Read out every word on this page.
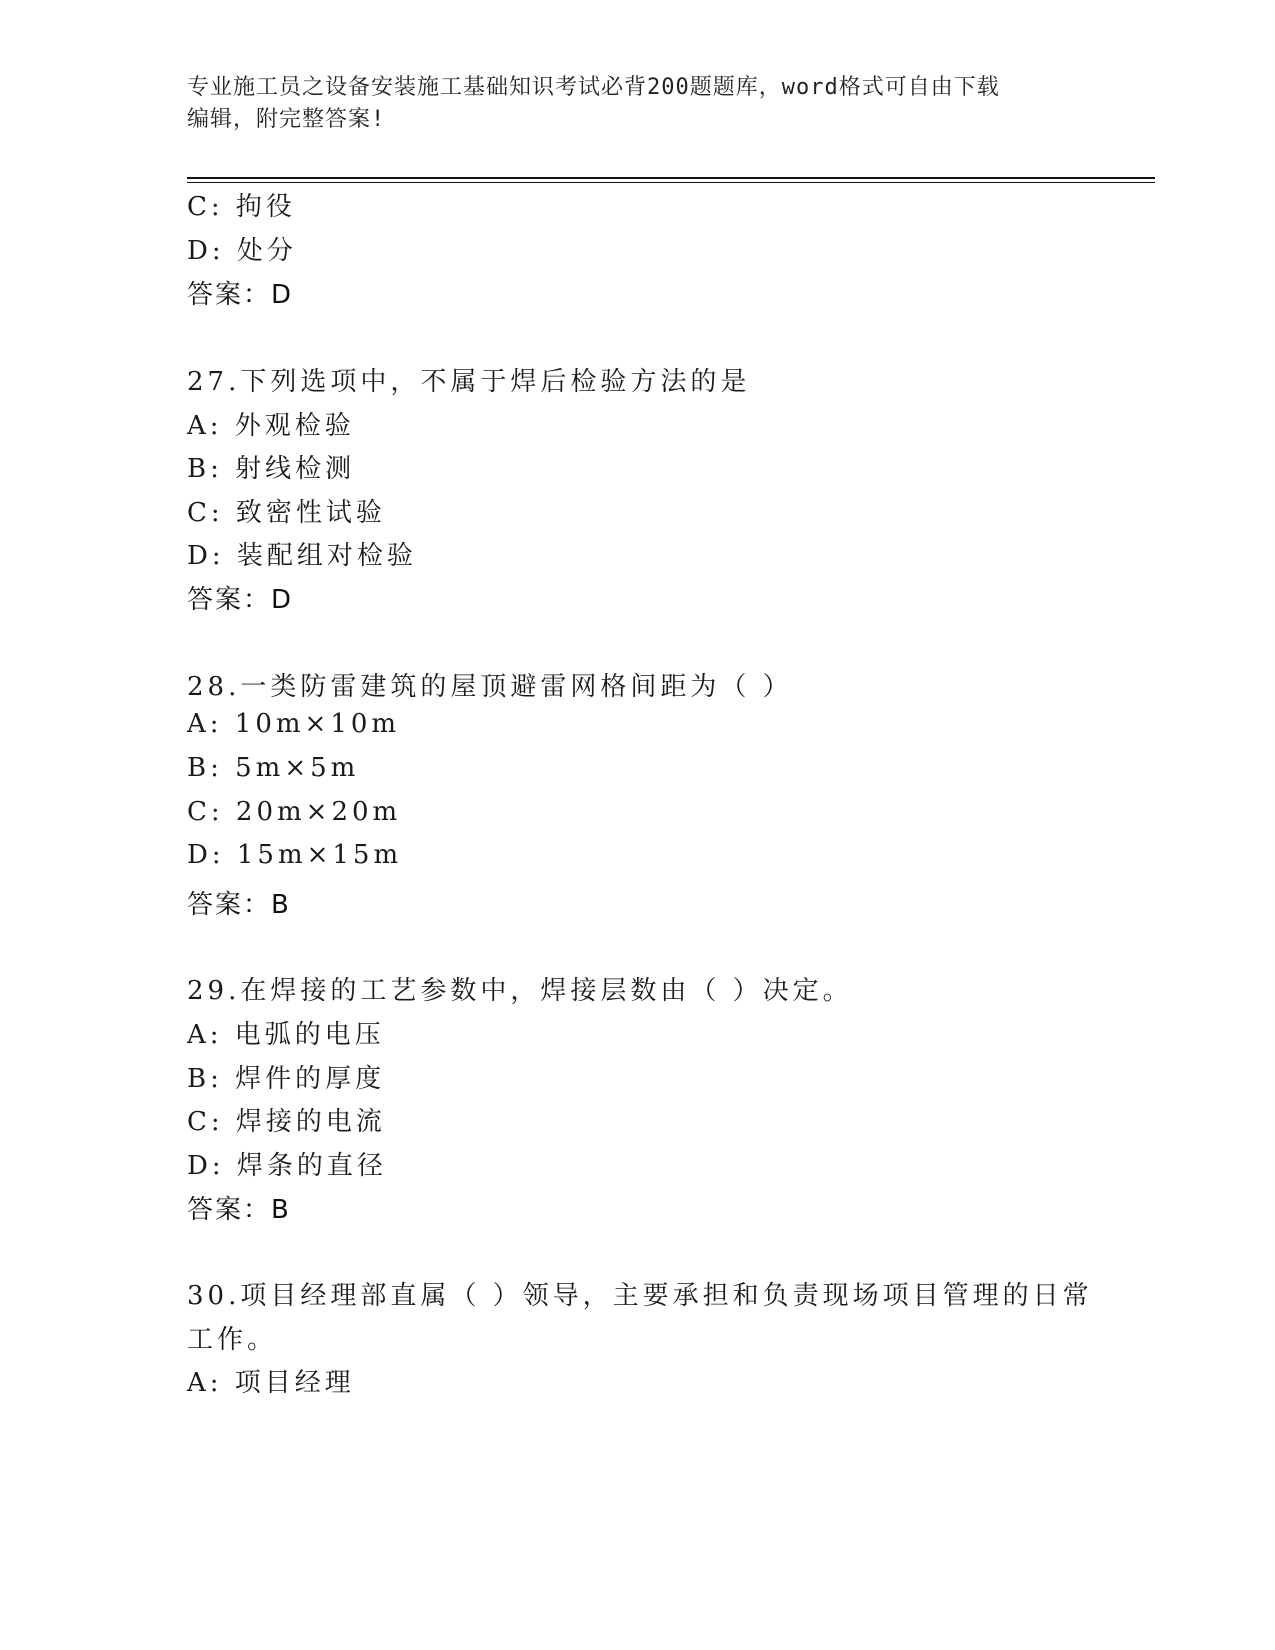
专业施工员之设备安装施工基础知识考试必背200题题库，word格式可自由下载
编辑，附完整答案!
C: 拘役
D: 处分
答案：D
27.下列选项中，不属于焊后检验方法的是
A: 外观检验
B: 射线检测
C: 致密性试验
D: 装配组对检验
答案：D
28.一类防雷建筑的屋顶避雷网格间距为（ ）
A: 10m×10m
B: 5m×5m
C: 20m×20m
D: 15m×15m
答案：B
29.在焊接的工艺参数中，焊接层数由（ ）决定。
A: 电弧的电压
B: 焊件的厚度
C: 焊接的电流
D: 焊条的直径
答案：B
30.项目经理部直属（ ）领导，主要承担和负责现场项目管理的日常
工作。
A: 项目经理
